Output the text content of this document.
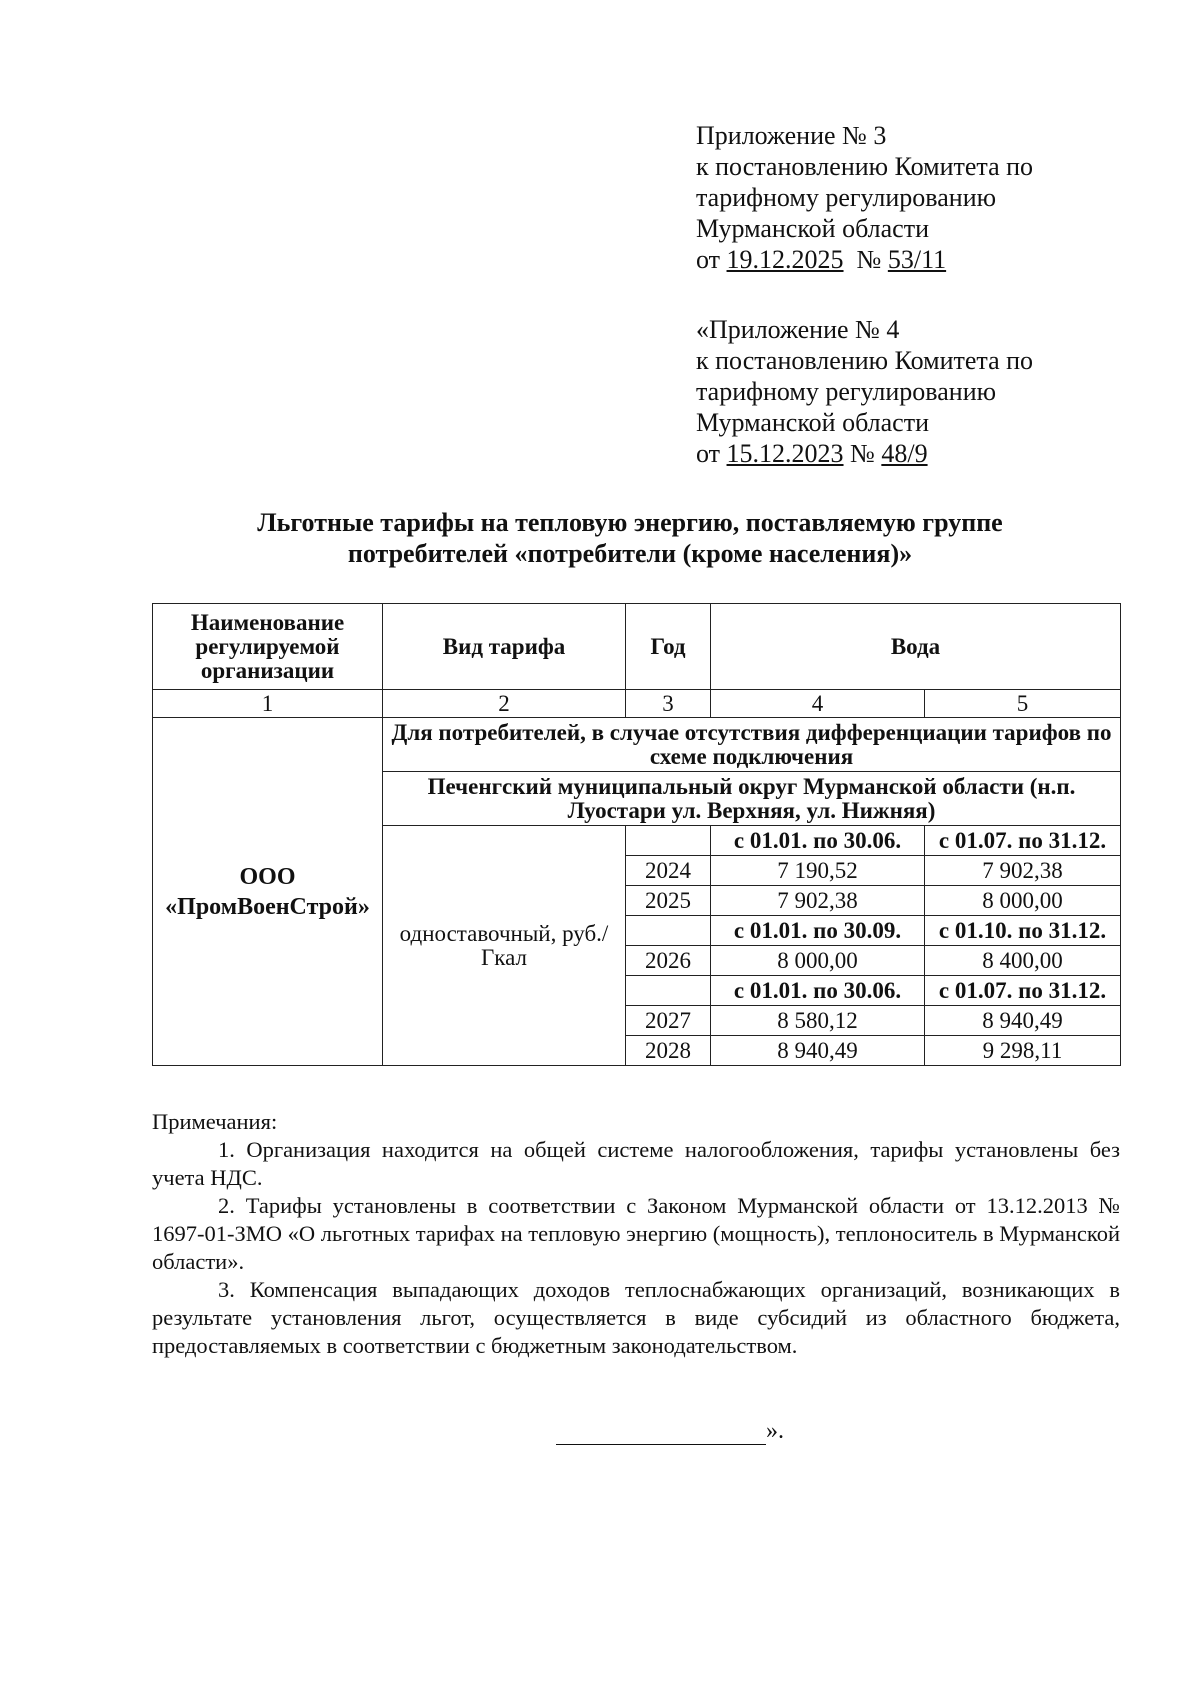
Приложение № 3
к постановлению Комитета по
тарифному регулированию
Мурманской области
от 19.12.2025 № 53/11
«Приложение № 4
к постановлению Комитета по
тарифному регулированию
Мурманской области
от 15.12.2023 № 48/9
Льготные тарифы на тепловую энергию, поставляемую группе
потребителей «потребители (кроме населения)»
Наименование регулируемой организации	Вид тарифа	Год	Вода	
1	2	3	4	5
ООО «ПромВоенСтрой»	Для потребителей, в случае отсутствия дифференциации тарифов по схеме подключения			
	Печенгский муниципальный округ Мурманской области (н.п. Луостари ул. Верхняя, ул. Нижняя)			
	одноставочный, руб./Гкал		с 01.01. по 30.06.	с 01.07. по 31.12.
		2024	7 190,52	7 902,38
		2025	7 902,38	8 000,00
			с 01.01. по 30.09.	с 01.10. по 31.12.
		2026	8 000,00	8 400,00
			с 01.01. по 30.06.	с 01.07. по 31.12.
		2027	8 580,12	8 940,49
		2028	8 940,49	9 298,11

Примечания:

1. Организация находится на общей системе налогообложения, тарифы установлены без учета НДС.

2. Тарифы установлены в соответствии с Законом Мурманской области от 13.12.2013 № 1697-01-ЗМО «О льготных тарифах на тепловую энергию (мощность), теплоноситель в Мурманской области».

3. Компенсация выпадающих доходов теплоснабжающих организаций, возникающих в результате установления льгот, осуществляется в виде субсидий из областного бюджета, предоставляемых в соответствии с бюджетным законодательством.

».
